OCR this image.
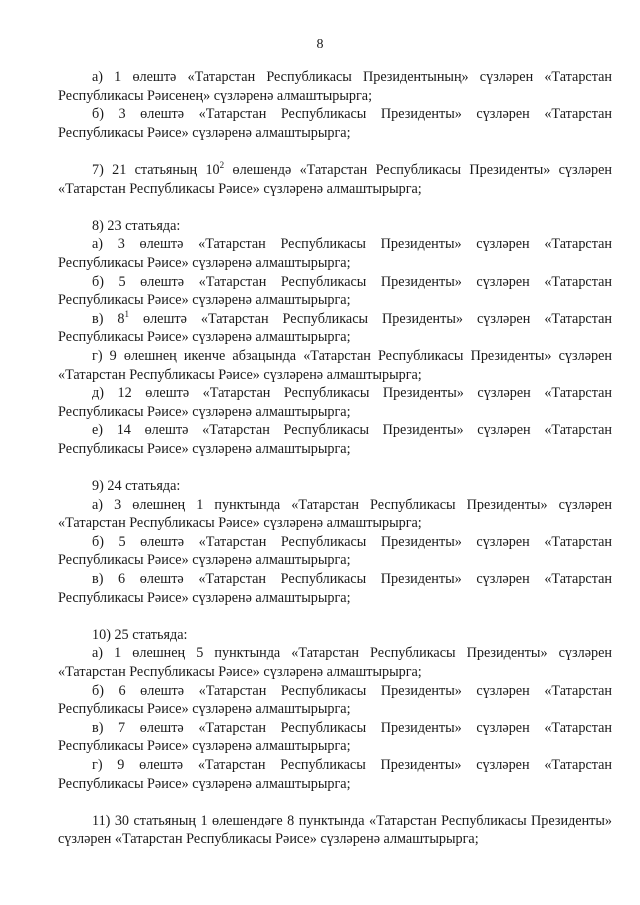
8

а) 1 өлештә «Татарстан Республикасы Президентының» сүзләрен «Татарстан Республикасы Рәисенең» сүзләренә алмаштырырга;

б) 3 өлештә «Татарстан Республикасы Президенты» сүзләрен «Татарстан Республикасы Рәисе» сүзләренә алмаштырырга;

7) 21 статьяның $10^2$ өлешендә «Татарстан Республикасы Президенты» сүзләрен «Татарстан Республикасы Рәисе» сүзләренә алмаштырырга;

8) 23 статьяда:

а) 3 өлештә «Татарстан Республикасы Президенты» сүзләрен «Татарстан Республикасы Рәисе» сүзләренә алмаштырырга;

б) 5 өлештә «Татарстан Республикасы Президенты» сүзләрен «Татарстан Республикасы Рәисе» сүзләренә алмаштырырга;

в) $8^1$ өлештә «Татарстан Республикасы Президенты» сүзләрен «Татарстан Республикасы Рәисе» сүзләренә алмаштырырга;

г) 9 өлешнең икенче абзацында «Татарстан Республикасы Президенты» сүзләрен «Татарстан Республикасы Рәисе» сүзләренә алмаштырырга;

д) 12 өлештә «Татарстан Республикасы Президенты» сүзләрен «Татарстан Республикасы Рәисе» сүзләренә алмаштырырга;

е) 14 өлештә «Татарстан Республикасы Президенты» сүзләрен «Татарстан Республикасы Рәисе» сүзләренә алмаштырырга;

9) 24 статьяда:

а) 3 өлешнең 1 пунктында «Татарстан Республикасы Президенты» сүзләрен «Татарстан Республикасы Рәисе» сүзләренә алмаштырырга;

б) 5 өлештә «Татарстан Республикасы Президенты» сүзләрен «Татарстан Республикасы Рәисе» сүзләренә алмаштырырга;

в) 6 өлештә «Татарстан Республикасы Президенты» сүзләрен «Татарстан Республикасы Рәисе» сүзләренә алмаштырырга;

10) 25 статьяда:

а) 1 өлешнең 5 пунктында «Татарстан Республикасы Президенты» сүзләрен «Татарстан Республикасы Рәисе» сүзләренә алмаштырырга;

б) 6 өлештә «Татарстан Республикасы Президенты» сүзләрен «Татарстан Республикасы Рәисе» сүзләренә алмаштырырга;

в) 7 өлештә «Татарстан Республикасы Президенты» сүзләрен «Татарстан Республикасы Рәисе» сүзләренә алмаштырырга;

г) 9 өлештә «Татарстан Республикасы Президенты» сүзләрен «Татарстан Республикасы Рәисе» сүзләренә алмаштырырга;

11) 30 статьяның 1 өлешендәге 8 пунктында «Татарстан Республикасы Президенты» сүзләрен «Татарстан Республикасы Рәисе» сүзләренә алмаштырырга;
